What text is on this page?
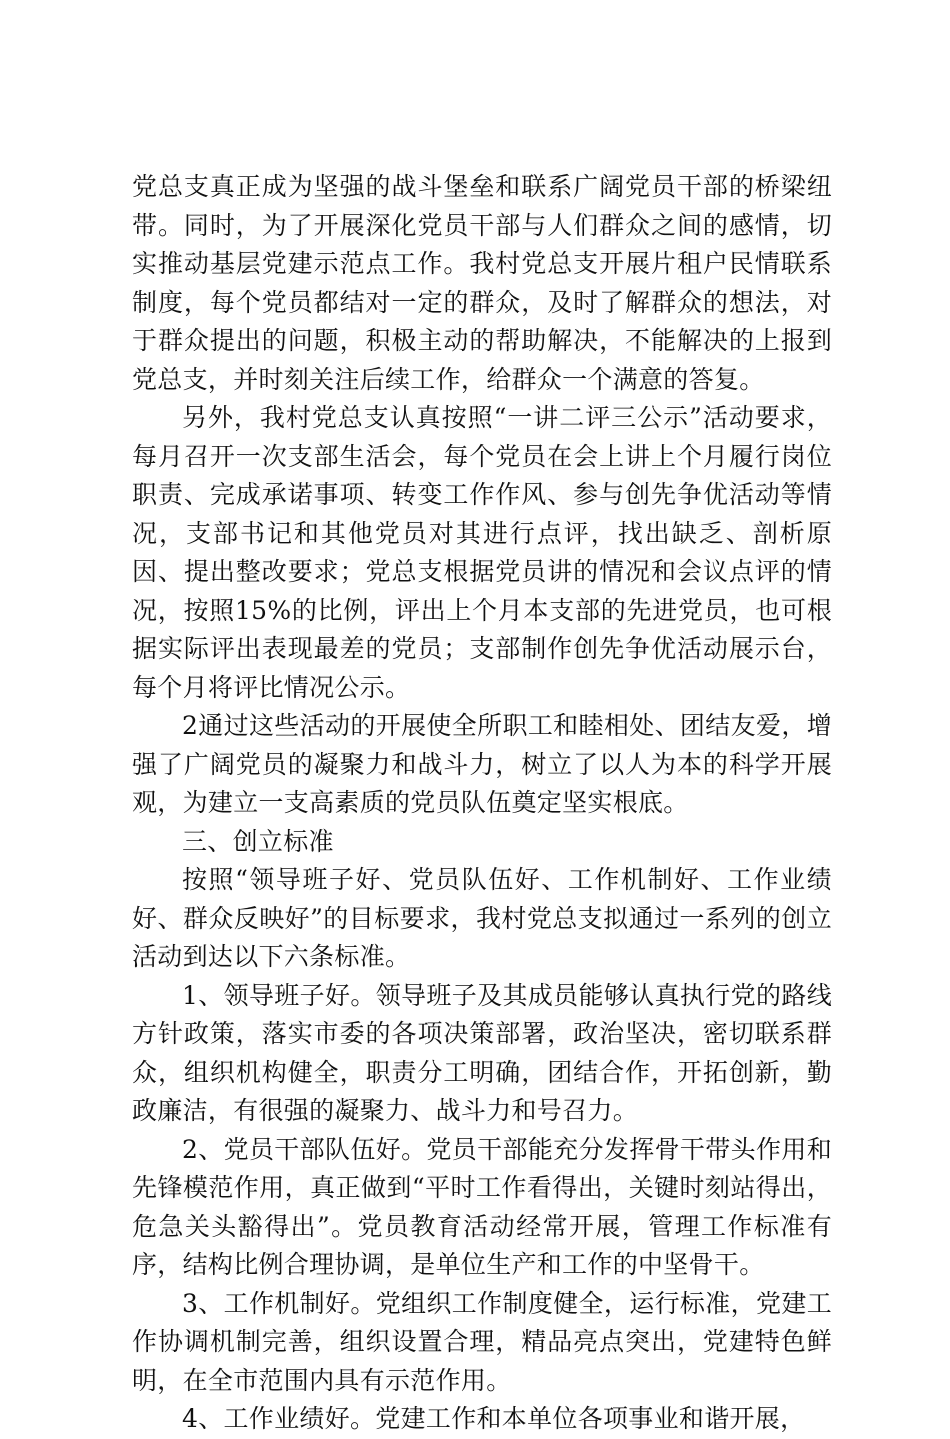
党总支真正成为坚强的战斗堡垒和联系广阔党员干部的桥梁纽带。同时，为了开展深化党员干部与人们群众之间的感情，切实推动基层党建示范点工作。我村党总支开展片租户民情联系制度，每个党员都结对一定的群众，及时了解群众的想法，对于群众提出的问题，积极主动的帮助解决，不能解决的上报到党总支，并时刻关注后续工作，给群众一个满意的答复。

另外，我村党总支认真按照“一讲二评三公示”活动要求，每月召开一次支部生活会，每个党员在会上讲上个月履行岗位职责、完成承诺事项、转变工作作风、参与创先争优活动等情况，支部书记和其他党员对其进行点评，找出缺乏、剖析原因、提出整改要求；党总支根据党员讲的情况和会议点评的情况，按照15%的比例，评出上个月本支部的先进党员，也可根据实际评出表现最差的党员；支部制作创先争优活动展示台，每个月将评比情况公示。

2通过这些活动的开展使全所职工和睦相处、团结友爱，增强了广阔党员的凝聚力和战斗力，树立了以人为本的科学开展观，为建立一支高素质的党员队伍奠定坚实根底。

三、创立标准

按照“领导班子好、党员队伍好、工作机制好、工作业绩好、群众反映好”的目标要求，我村党总支拟通过一系列的创立活动到达以下六条标准。

1、领导班子好。领导班子及其成员能够认真执行党的路线方针政策，落实市委的各项决策部署，政治坚决，密切联系群众，组织机构健全，职责分工明确，团结合作，开拓创新，勤政廉洁，有很强的凝聚力、战斗力和号召力。

2、党员干部队伍好。党员干部能充分发挥骨干带头作用和先锋模范作用，真正做到“平时工作看得出，关键时刻站得出，危急关头豁得出”。党员教育活动经常开展，管理工作标准有序，结构比例合理协调，是单位生产和工作的中坚骨干。

3、工作机制好。党组织工作制度健全，运行标准，党建工作协调机制完善，组织设置合理，精品亮点突出，党建特色鲜明，在全市范围内具有示范作用。

4、工作业绩好。党建工作和本单位各项事业和谐开展，
